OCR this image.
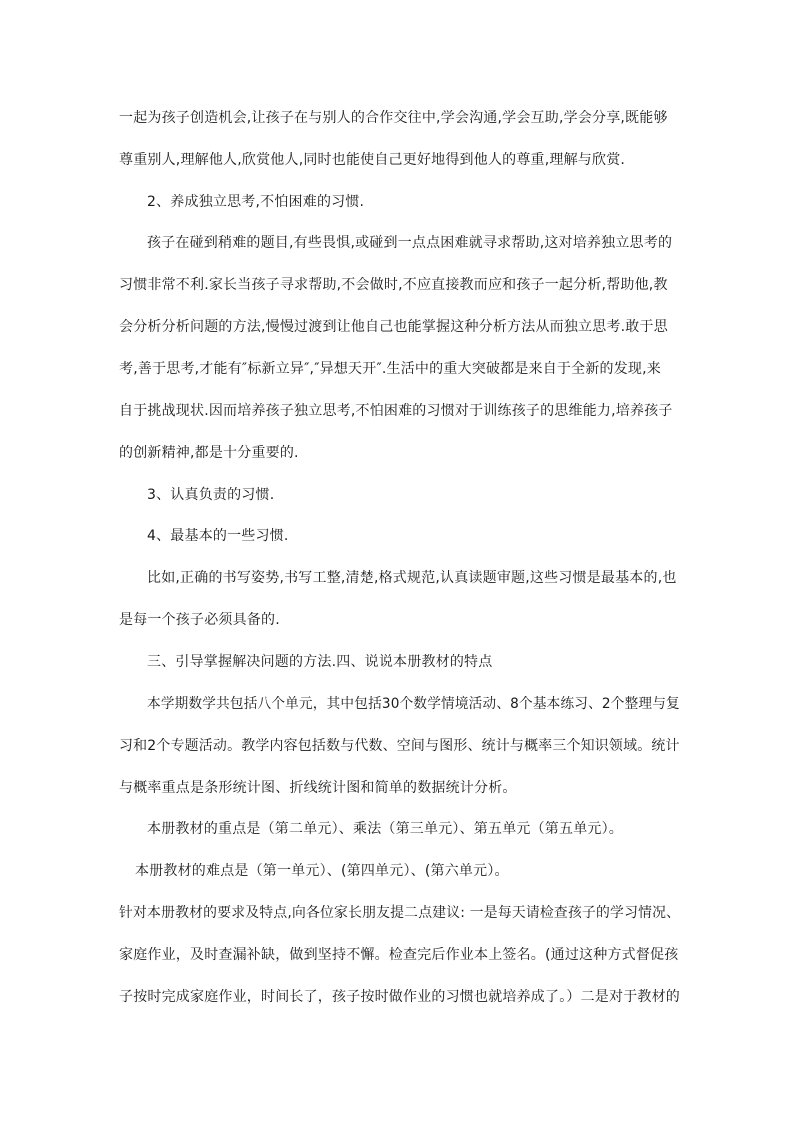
一起为孩子创造机会,让孩子在与别人的合作交往中,学会沟通,学会互助,学会分享,既能够
尊重别人,理解他人,欣赏他人,同时也能使自己更好地得到他人的尊重,理解与欣赏.
2、养成独立思考,不怕困难的习惯.
孩子在碰到稍难的题目,有些畏惧,或碰到一点点困难就寻求帮助,这对培养独立思考的
习惯非常不利.家长当孩子寻求帮助,不会做时,不应直接教而应和孩子一起分析,帮助他,教
会分析分析问题的方法,慢慢过渡到让他自己也能掌握这种分析方法从而独立思考.敢于思
考,善于思考,才能有″标新立异″,″异想天开″.生活中的重大突破都是来自于全新的发现,来
自于挑战现状.因而培养孩子独立思考,不怕困难的习惯对于训练孩子的思维能力,培养孩子
的创新精神,都是十分重要的.
3、认真负责的习惯.
4、最基本的一些习惯.
比如,正确的书写姿势,书写工整,清楚,格式规范,认真读题审题,这些习惯是最基本的,也
是每一个孩子必须具备的.
三、引导掌握解决问题的方法.四、说说本册教材的特点
本学期数学共包括八个单元，其中包括30个数学情境活动、8个基本练习、2个整理与复
习和2个专题活动。教学内容包括数与代数、空间与图形、统计与概率三个知识领域。统计
与概率重点是条形统计图、折线统计图和简单的数据统计分析。
本册教材的重点是（第二单元）、乘法（第三单元）、第五单元（第五单元）。
本册教材的难点是（第一单元）、(第四单元）、(第六单元）。
针对本册教材的要求及特点,向各位家长朋友提二点建议: 一是每天请检查孩子的学习情况、
家庭作业，及时查漏补缺，做到坚持不懈。检查完后作业本上签名。(通过这种方式督促孩
子按时完成家庭作业，时间长了，孩子按时做作业的习惯也就培养成了。）二是对于教材的
